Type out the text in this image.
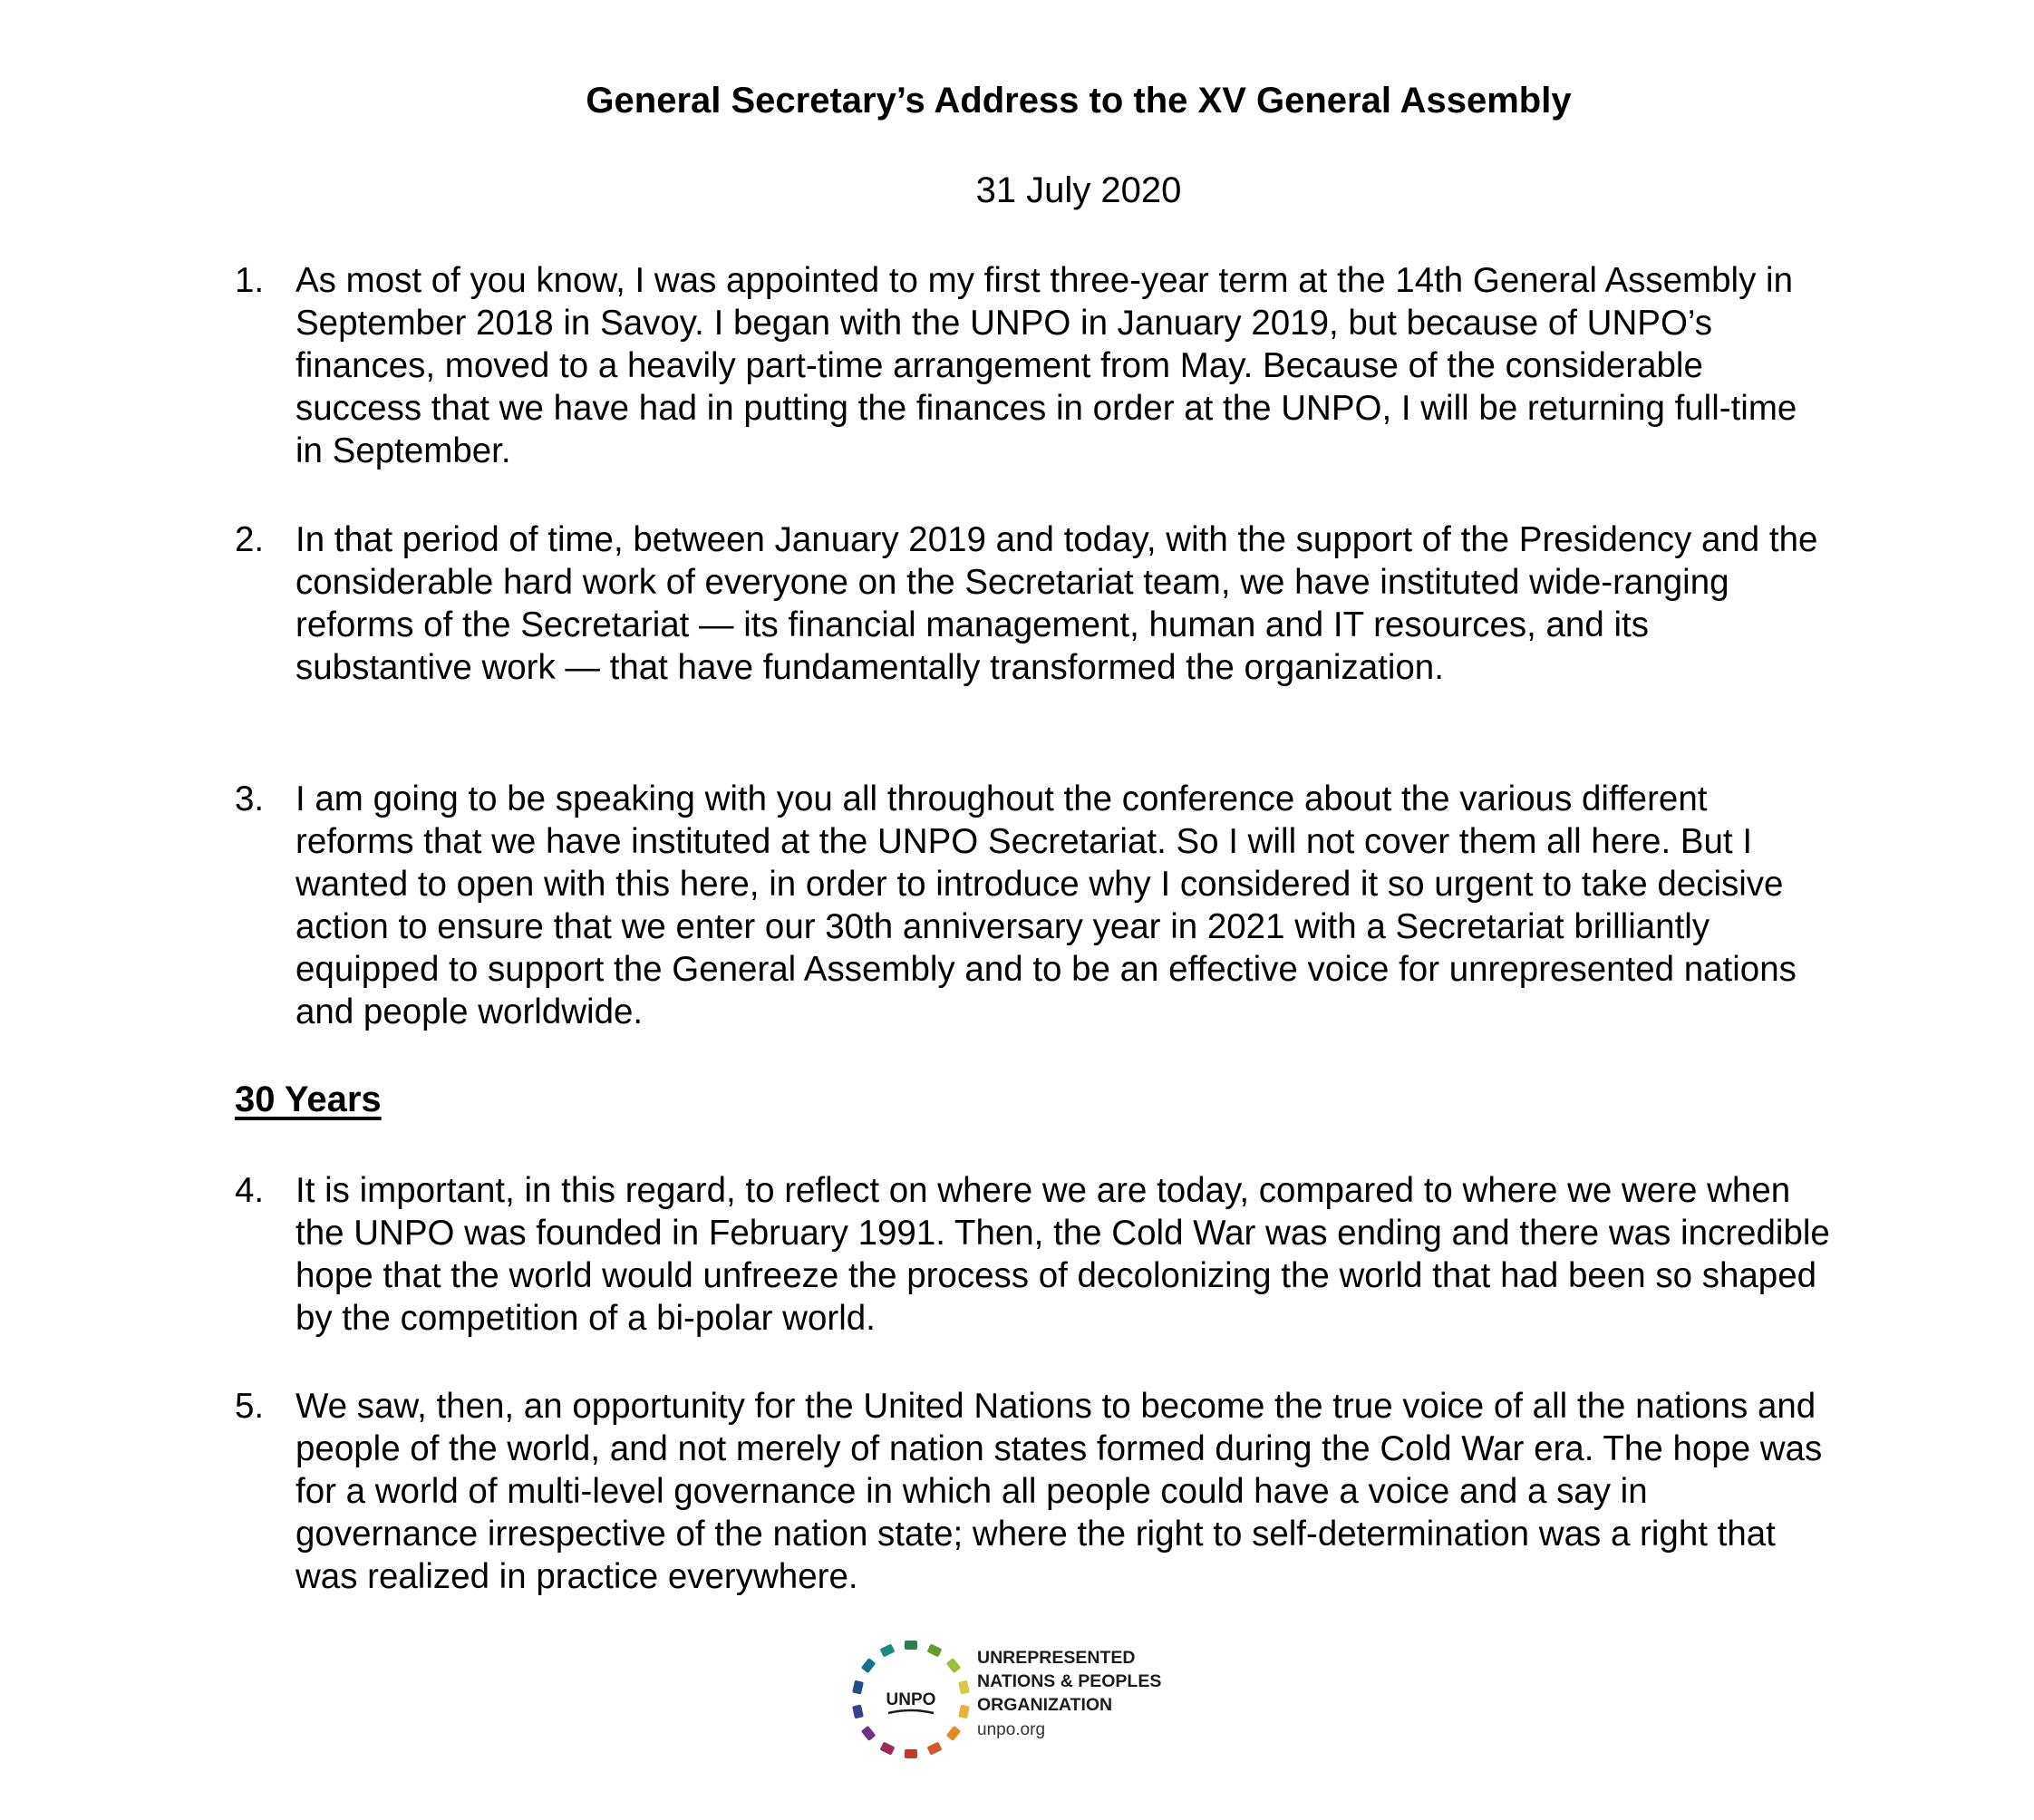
General Secretary’s Address to the XV General Assembly

31 July 2020

1. As most of you know, I was appointed to my first three-year term at the 14th General Assembly in September 2018 in Savoy. I began with the UNPO in January 2019, but because of UNPO’s finances, moved to a heavily part-time arrangement from May. Because of the considerable success that we have had in putting the finances in order at the UNPO, I will be returning full-time in September.
2. In that period of time, between January 2019 and today, with the support of the Presidency and the considerable hard work of everyone on the Secretariat team, we have instituted wide-ranging reforms of the Secretariat — its financial management, human and IT resources, and its substantive work — that have fundamentally transformed the organization.
3. I am going to be speaking with you all throughout the conference about the various different reforms that we have instituted at the UNPO Secretariat. So I will not cover them all here. But I wanted to open with this here, in order to introduce why I considered it so urgent to take decisive action to ensure that we enter our 30th anniversary year in 2021 with a Secretariat brilliantly equipped to support the General Assembly and to be an effective voice for unrepresented nations and people worldwide.
30 Years
4. It is important, in this regard, to reflect on where we are today, compared to where we were when the UNPO was founded in February 1991. Then, the Cold War was ending and there was incredible hope that the world would unfreeze the process of decolonizing the world that had been so shaped by the competition of a bi-polar world.
5. We saw, then, an opportunity for the United Nations to become the true voice of all the nations and people of the world, and not merely of nation states formed during the Cold War era. The hope was for a world of multi-level governance in which all people could have a voice and a say in governance irrespective of the nation state; where the right to self-determination was a right that was realized in practice everywhere.
UNPO
UNREPRESENTED
NATIONS & PEOPLES
ORGANIZATION
unpo.org
